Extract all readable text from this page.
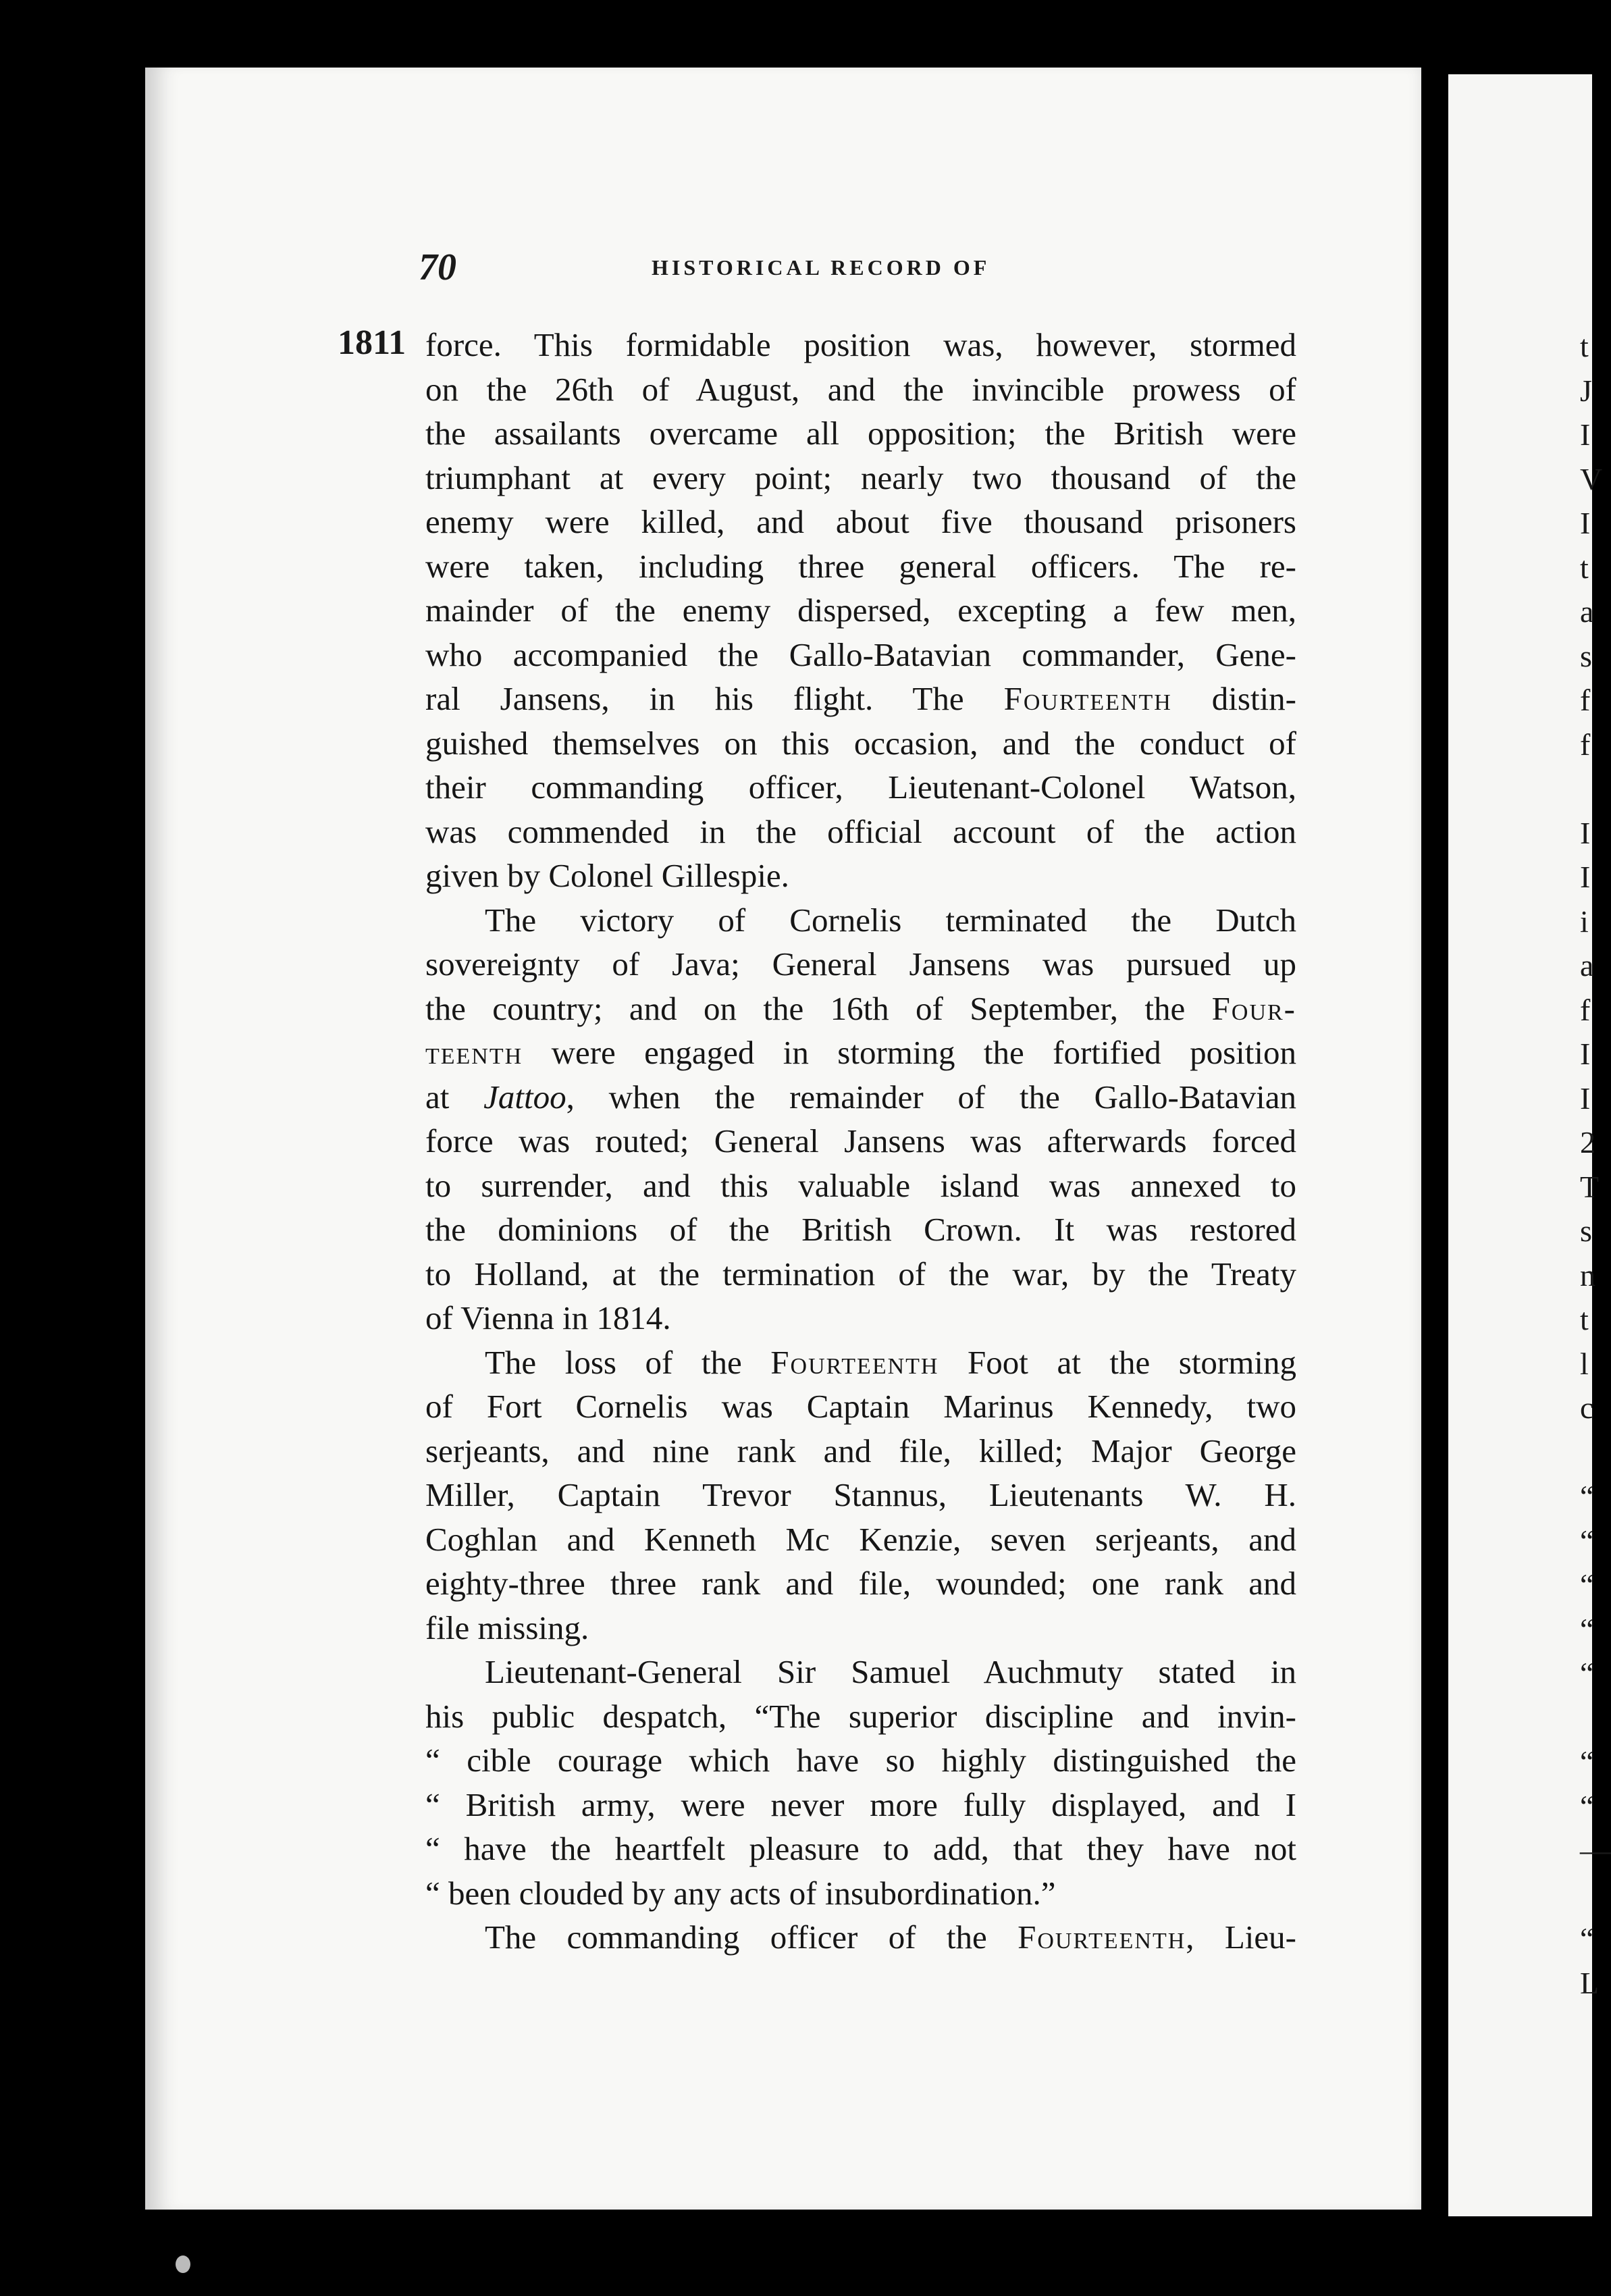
70	HISTORICAL RECORD OF
1811 force. This formidable position was, however, stormed
on the 26th of August, and the invincible prowess of
the assailants overcame all opposition; the British were
triumphant at every point; nearly two thousand of the
enemy were killed, and about five thousand prisoners
were taken, including three general officers. The re-
mainder of the enemy dispersed, excepting a few men,
who accompanied the Gallo-Batavian commander, Gene-
ral Jansens, in his flight. The Fourteenth distin-
guished themselves on this occasion, and the conduct of
their commanding officer, Lieutenant-Colonel Watson,
was commended in the official account of the action
given by Colonel Gillespie.
The victory of Cornelis terminated the Dutch
sovereignty of Java; General Jansens was pursued up
the country; and on the 16th of September, the Four-
teenth were engaged in storming the fortified position
at Jattoo, when the remainder of the Gallo-Batavian
force was routed; General Jansens was afterwards forced
to surrender, and this valuable island was annexed to
the dominions of the British Crown. It was restored
to Holland, at the termination of the war, by the Treaty
of Vienna in 1814.
The loss of the Fourteenth Foot at the storming
of Fort Cornelis was Captain Marinus Kennedy, two
serjeants, and nine rank and file, killed; Major George
Miller, Captain Trevor Stannus, Lieutenants W. H.
Coghlan and Kenneth Mc Kenzie, seven serjeants, and
eighty-three three rank and file, wounded; one rank and
file missing.
Lieutenant-General Sir Samuel Auchmuty stated in
his public despatch, “The superior discipline and invin-
“ cible courage which have so highly distinguished the
“ British army, were never more fully displayed, and I
“ have the heartfelt pleasure to add, that they have not
“ been clouded by any acts of insubordination.”
The commanding officer of the Fourteenth, Lieu-
t
J
I
V
I
t
a
s
f
f

I
I
i
a
f
I
I
2
T
s
n
t
l
c

“
“
“
“
“

“
“
—

“
L
